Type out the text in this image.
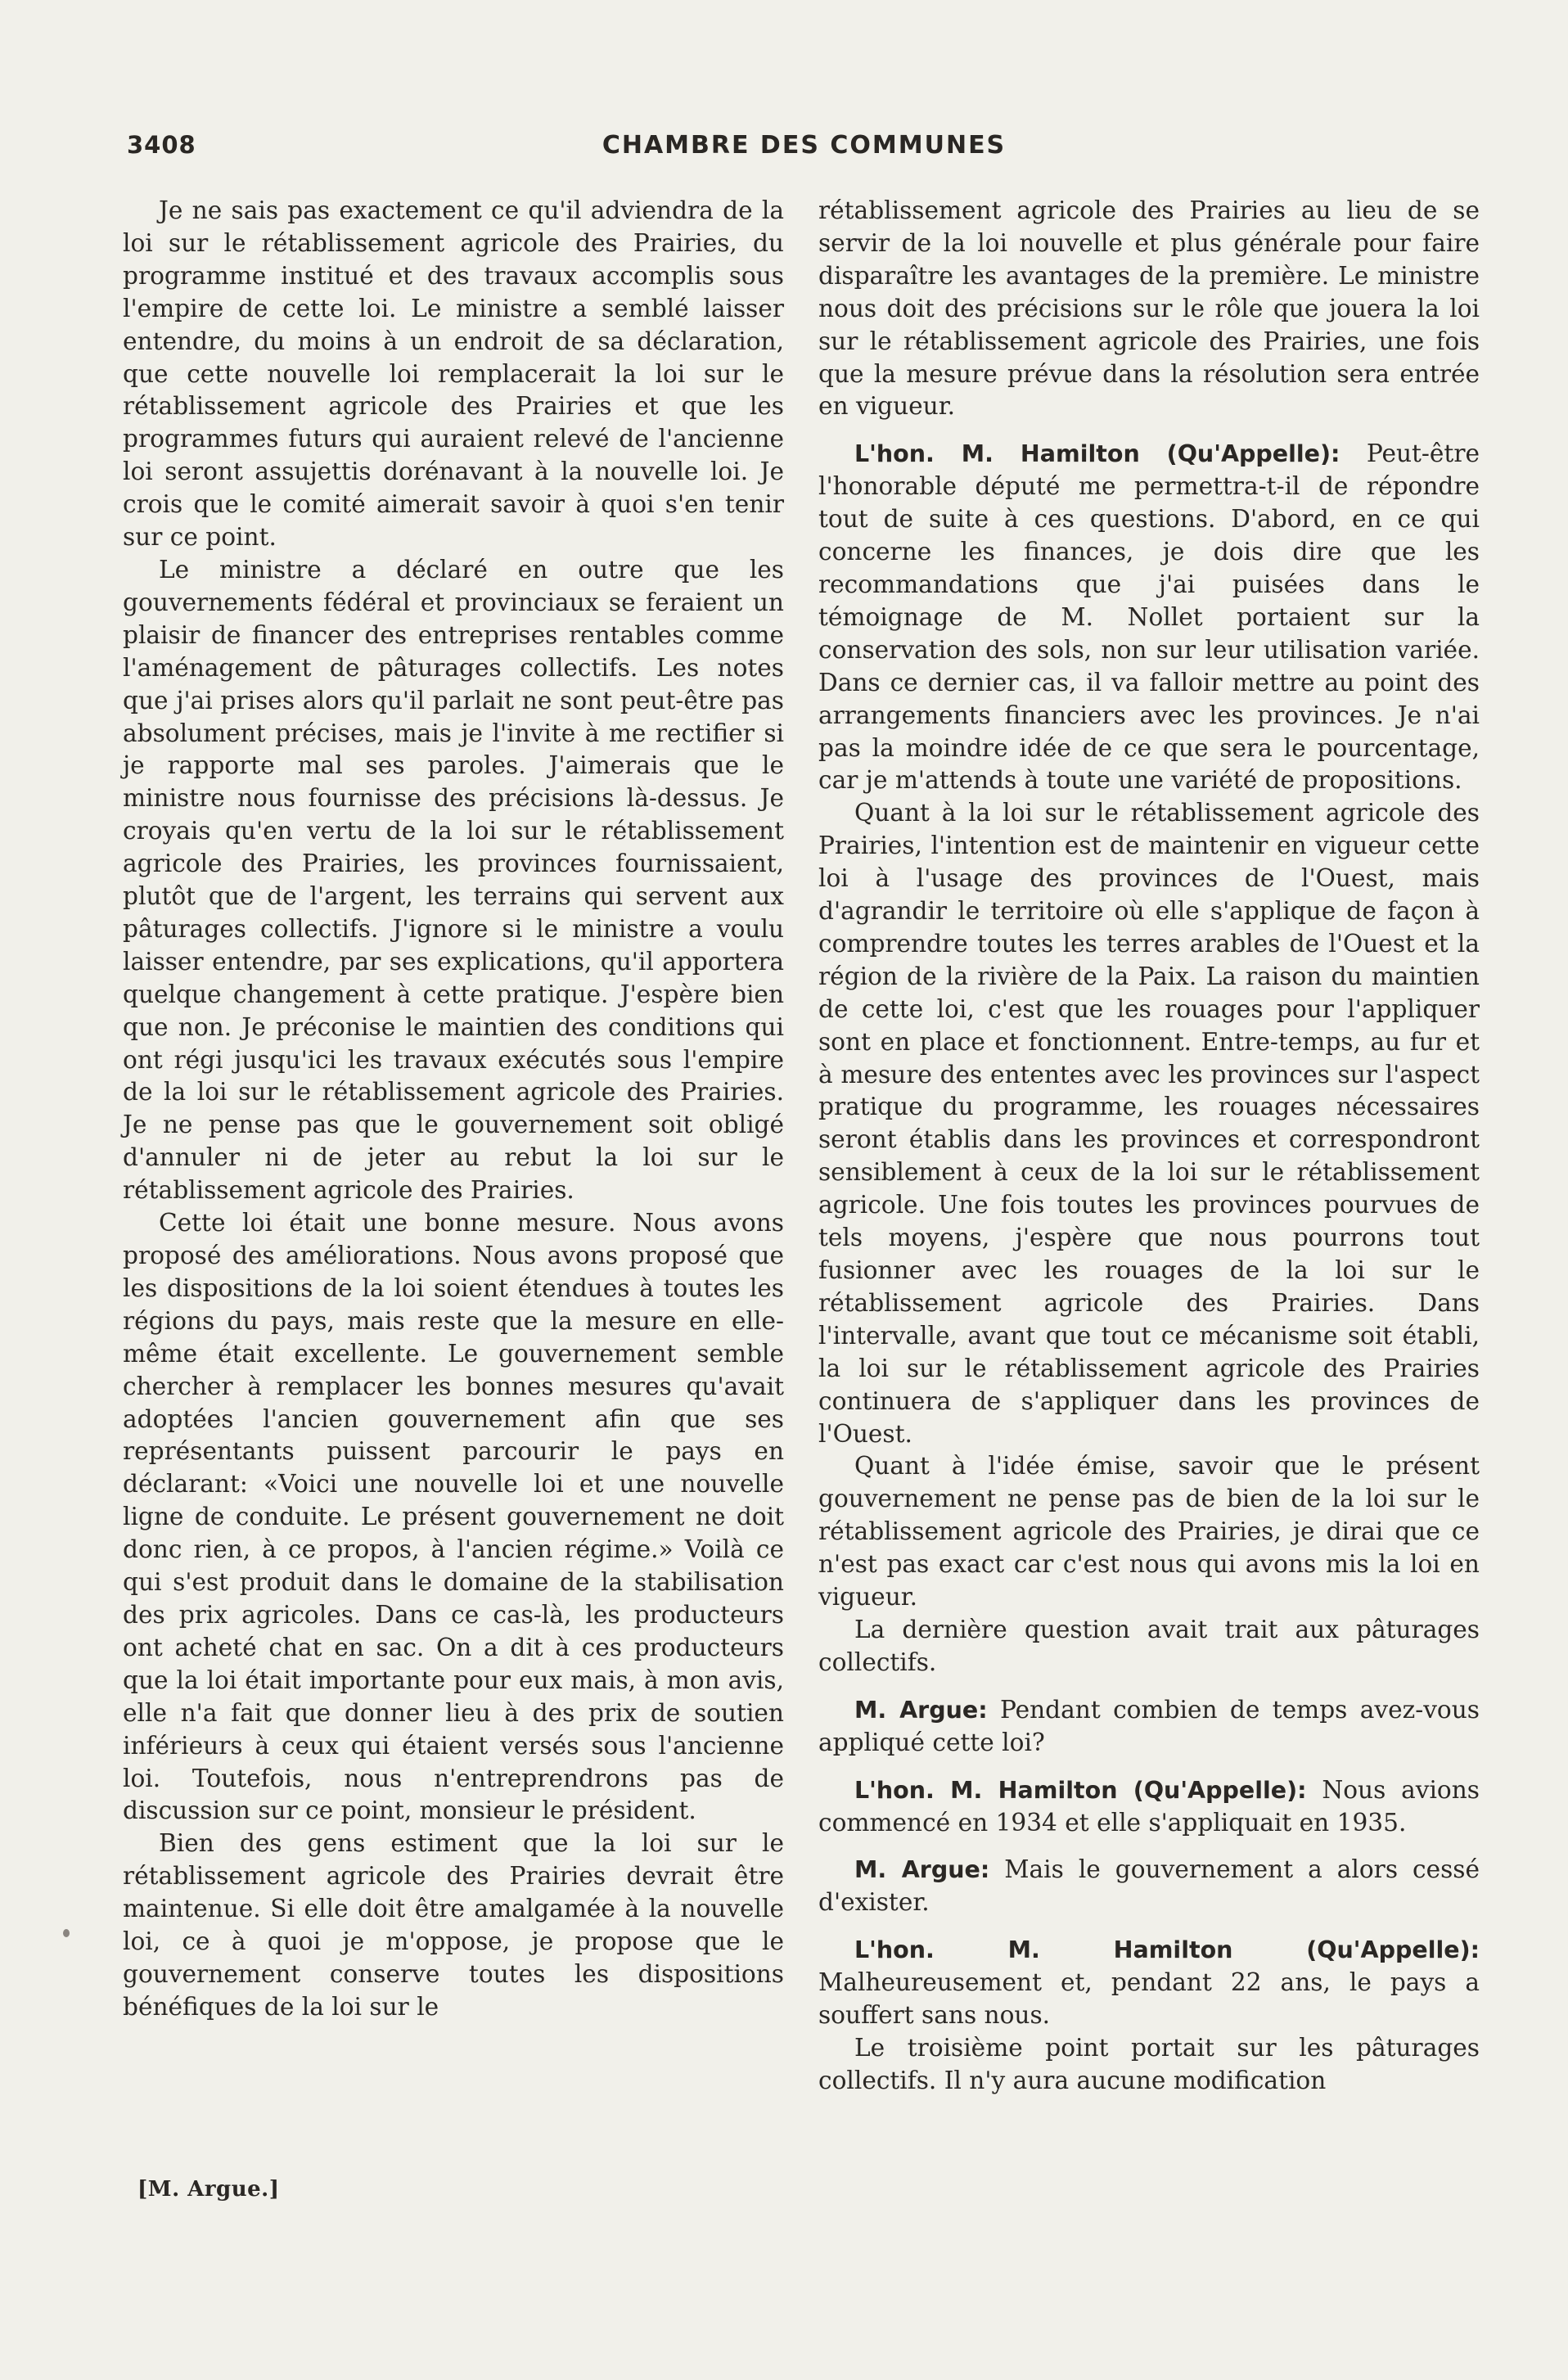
3408	CHAMBRE DES COMMUNES

Je ne sais pas exactement ce qu'il adviendra de la loi sur le rétablissement agricole des Prairies, du programme institué et des travaux accomplis sous l'empire de cette loi. Le ministre a semblé laisser entendre, du moins à un endroit de sa déclaration, que cette nouvelle loi remplacerait la loi sur le rétablissement agricole des Prairies et que les programmes futurs qui auraient relevé de l'ancienne loi seront assujettis dorénavant à la nouvelle loi. Je crois que le comité aimerait savoir à quoi s'en tenir sur ce point.

Le ministre a déclaré en outre que les gouvernements fédéral et provinciaux se feraient un plaisir de financer des entreprises rentables comme l'aménagement de pâturages collectifs. Les notes que j'ai prises alors qu'il parlait ne sont peut-être pas absolument précises, mais je l'invite à me rectifier si je rapporte mal ses paroles. J'aimerais que le ministre nous fournisse des précisions là-dessus. Je croyais qu'en vertu de la loi sur le rétablissement agricole des Prairies, les provinces fournissaient, plutôt que de l'argent, les terrains qui servent aux pâturages collectifs. J'ignore si le ministre a voulu laisser entendre, par ses explications, qu'il apportera quelque changement à cette pratique. J'espère bien que non. Je préconise le maintien des conditions qui ont régi jusqu'ici les travaux exécutés sous l'empire de la loi sur le rétablissement agricole des Prairies. Je ne pense pas que le gouvernement soit obligé d'annuler ni de jeter au rebut la loi sur le rétablissement agricole des Prairies.

Cette loi était une bonne mesure. Nous avons proposé des améliorations. Nous avons proposé que les dispositions de la loi soient étendues à toutes les régions du pays, mais reste que la mesure en elle-même était excellente. Le gouvernement semble chercher à remplacer les bonnes mesures qu'avait adoptées l'ancien gouvernement afin que ses représentants puissent parcourir le pays en déclarant: «Voici une nouvelle loi et une nouvelle ligne de conduite. Le présent gouvernement ne doit donc rien, à ce propos, à l'ancien régime.» Voilà ce qui s'est produit dans le domaine de la stabilisation des prix agricoles. Dans ce cas-là, les producteurs ont acheté chat en sac. On a dit à ces producteurs que la loi était importante pour eux mais, à mon avis, elle n'a fait que donner lieu à des prix de soutien inférieurs à ceux qui étaient versés sous l'ancienne loi. Toutefois, nous n'entreprendrons pas de discussion sur ce point, monsieur le président.

Bien des gens estiment que la loi sur le rétablissement agricole des Prairies devrait être maintenue. Si elle doit être amalgamée à la nouvelle loi, ce à quoi je m'oppose, je propose que le gouvernement conserve toutes les dispositions bénéfiques de la loi sur le

rétablissement agricole des Prairies au lieu de se servir de la loi nouvelle et plus générale pour faire disparaître les avantages de la première. Le ministre nous doit des précisions sur le rôle que jouera la loi sur le rétablissement agricole des Prairies, une fois que la mesure prévue dans la résolution sera entrée en vigueur.

L'hon. M. Hamilton (Qu'Appelle): Peut-être l'honorable député me permettra-t-il de répondre tout de suite à ces questions. D'abord, en ce qui concerne les finances, je dois dire que les recommandations que j'ai puisées dans le témoignage de M. Nollet portaient sur la conservation des sols, non sur leur utilisation variée. Dans ce dernier cas, il va falloir mettre au point des arrangements financiers avec les provinces. Je n'ai pas la moindre idée de ce que sera le pourcentage, car je m'attends à toute une variété de propositions.

Quant à la loi sur le rétablissement agricole des Prairies, l'intention est de maintenir en vigueur cette loi à l'usage des provinces de l'Ouest, mais d'agrandir le territoire où elle s'applique de façon à comprendre toutes les terres arables de l'Ouest et la région de la rivière de la Paix. La raison du maintien de cette loi, c'est que les rouages pour l'appliquer sont en place et fonctionnent. Entre-temps, au fur et à mesure des ententes avec les provinces sur l'aspect pratique du programme, les rouages nécessaires seront établis dans les provinces et correspondront sensiblement à ceux de la loi sur le rétablissement agricole. Une fois toutes les provinces pourvues de tels moyens, j'espère que nous pourrons tout fusionner avec les rouages de la loi sur le rétablissement agricole des Prairies. Dans l'intervalle, avant que tout ce mécanisme soit établi, la loi sur le rétablissement agricole des Prairies continuera de s'appliquer dans les provinces de l'Ouest.

Quant à l'idée émise, savoir que le présent gouvernement ne pense pas de bien de la loi sur le rétablissement agricole des Prairies, je dirai que ce n'est pas exact car c'est nous qui avons mis la loi en vigueur.

La dernière question avait trait aux pâturages collectifs.

M. Argue: Pendant combien de temps avez-vous appliqué cette loi?

L'hon. M. Hamilton (Qu'Appelle): Nous avions commencé en 1934 et elle s'appliquait en 1935.

M. Argue: Mais le gouvernement a alors cessé d'exister.

L'hon. M. Hamilton (Qu'Appelle): Malheureusement et, pendant 22 ans, le pays a souffert sans nous.

Le troisième point portait sur les pâturages collectifs. Il n'y aura aucune modification

[M. Argue.]
